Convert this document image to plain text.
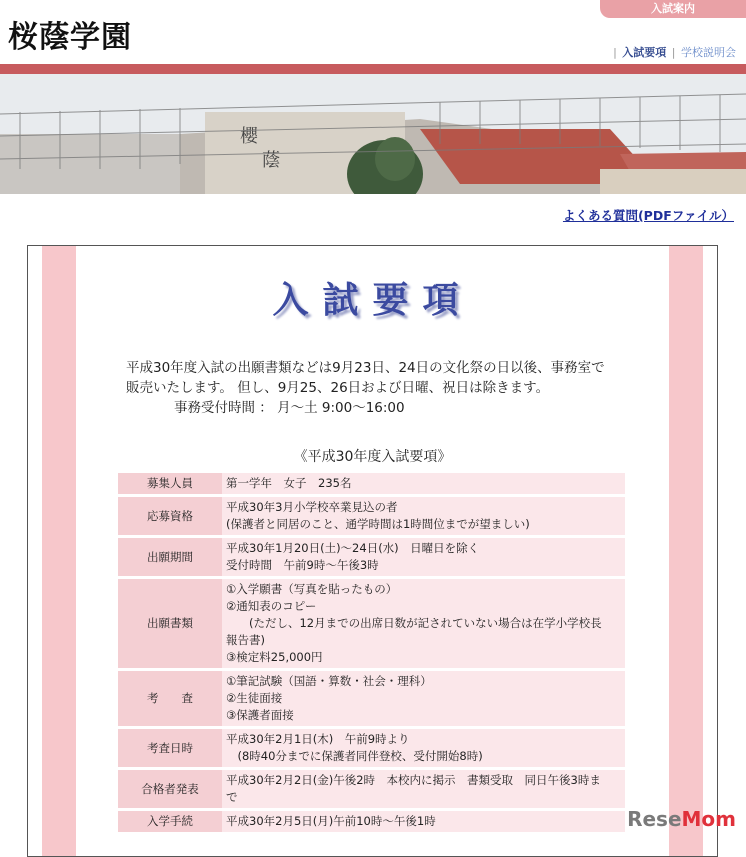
桜蔭学園
入試案内
| 入試要項 | 学校説明会
櫻
蔭
よくある質問(PDFファイル）
入試要項
平成30年度入試の出願書類などは9月23日、24日の文化祭の日以後、事務室で
販売いたします。 但し、9月25、26日および日曜、祝日は除きます。
事務受付時間 ： 月～土 9:00～16:00
《平成30年度入試要項》
募集人員	第一学年　女子　235名

応募資格	平成30年3月小学校卒業見込の者
(保護者と同居のこと、通学時間は1時間位までが望ましい)

出願期間	平成30年1月20日(土)～24日(水)　日曜日を除く
受付時間　午前9時～午後3時

出願書類	①入学願書（写真を貼ったもの）
②通知表のコピー
　　(ただし、12月までの出席日数が記されていない場合は在学小学校長
報告書)
③検定料25,000円

考　　査	①筆記試験（国語・算数・社会・理科）
②生徒面接
③保護者面接

考査日時	平成30年2月1日(木)　午前9時より
　(8時40分までに保護者同伴登校、受付開始8時)

合格者発表	平成30年2月2日(金)午後2時　本校内に掲示　書類受取　同日午後3時ま
で

入学手続	平成30年2月5日(月)午前10時～午後1時	ReseMom
